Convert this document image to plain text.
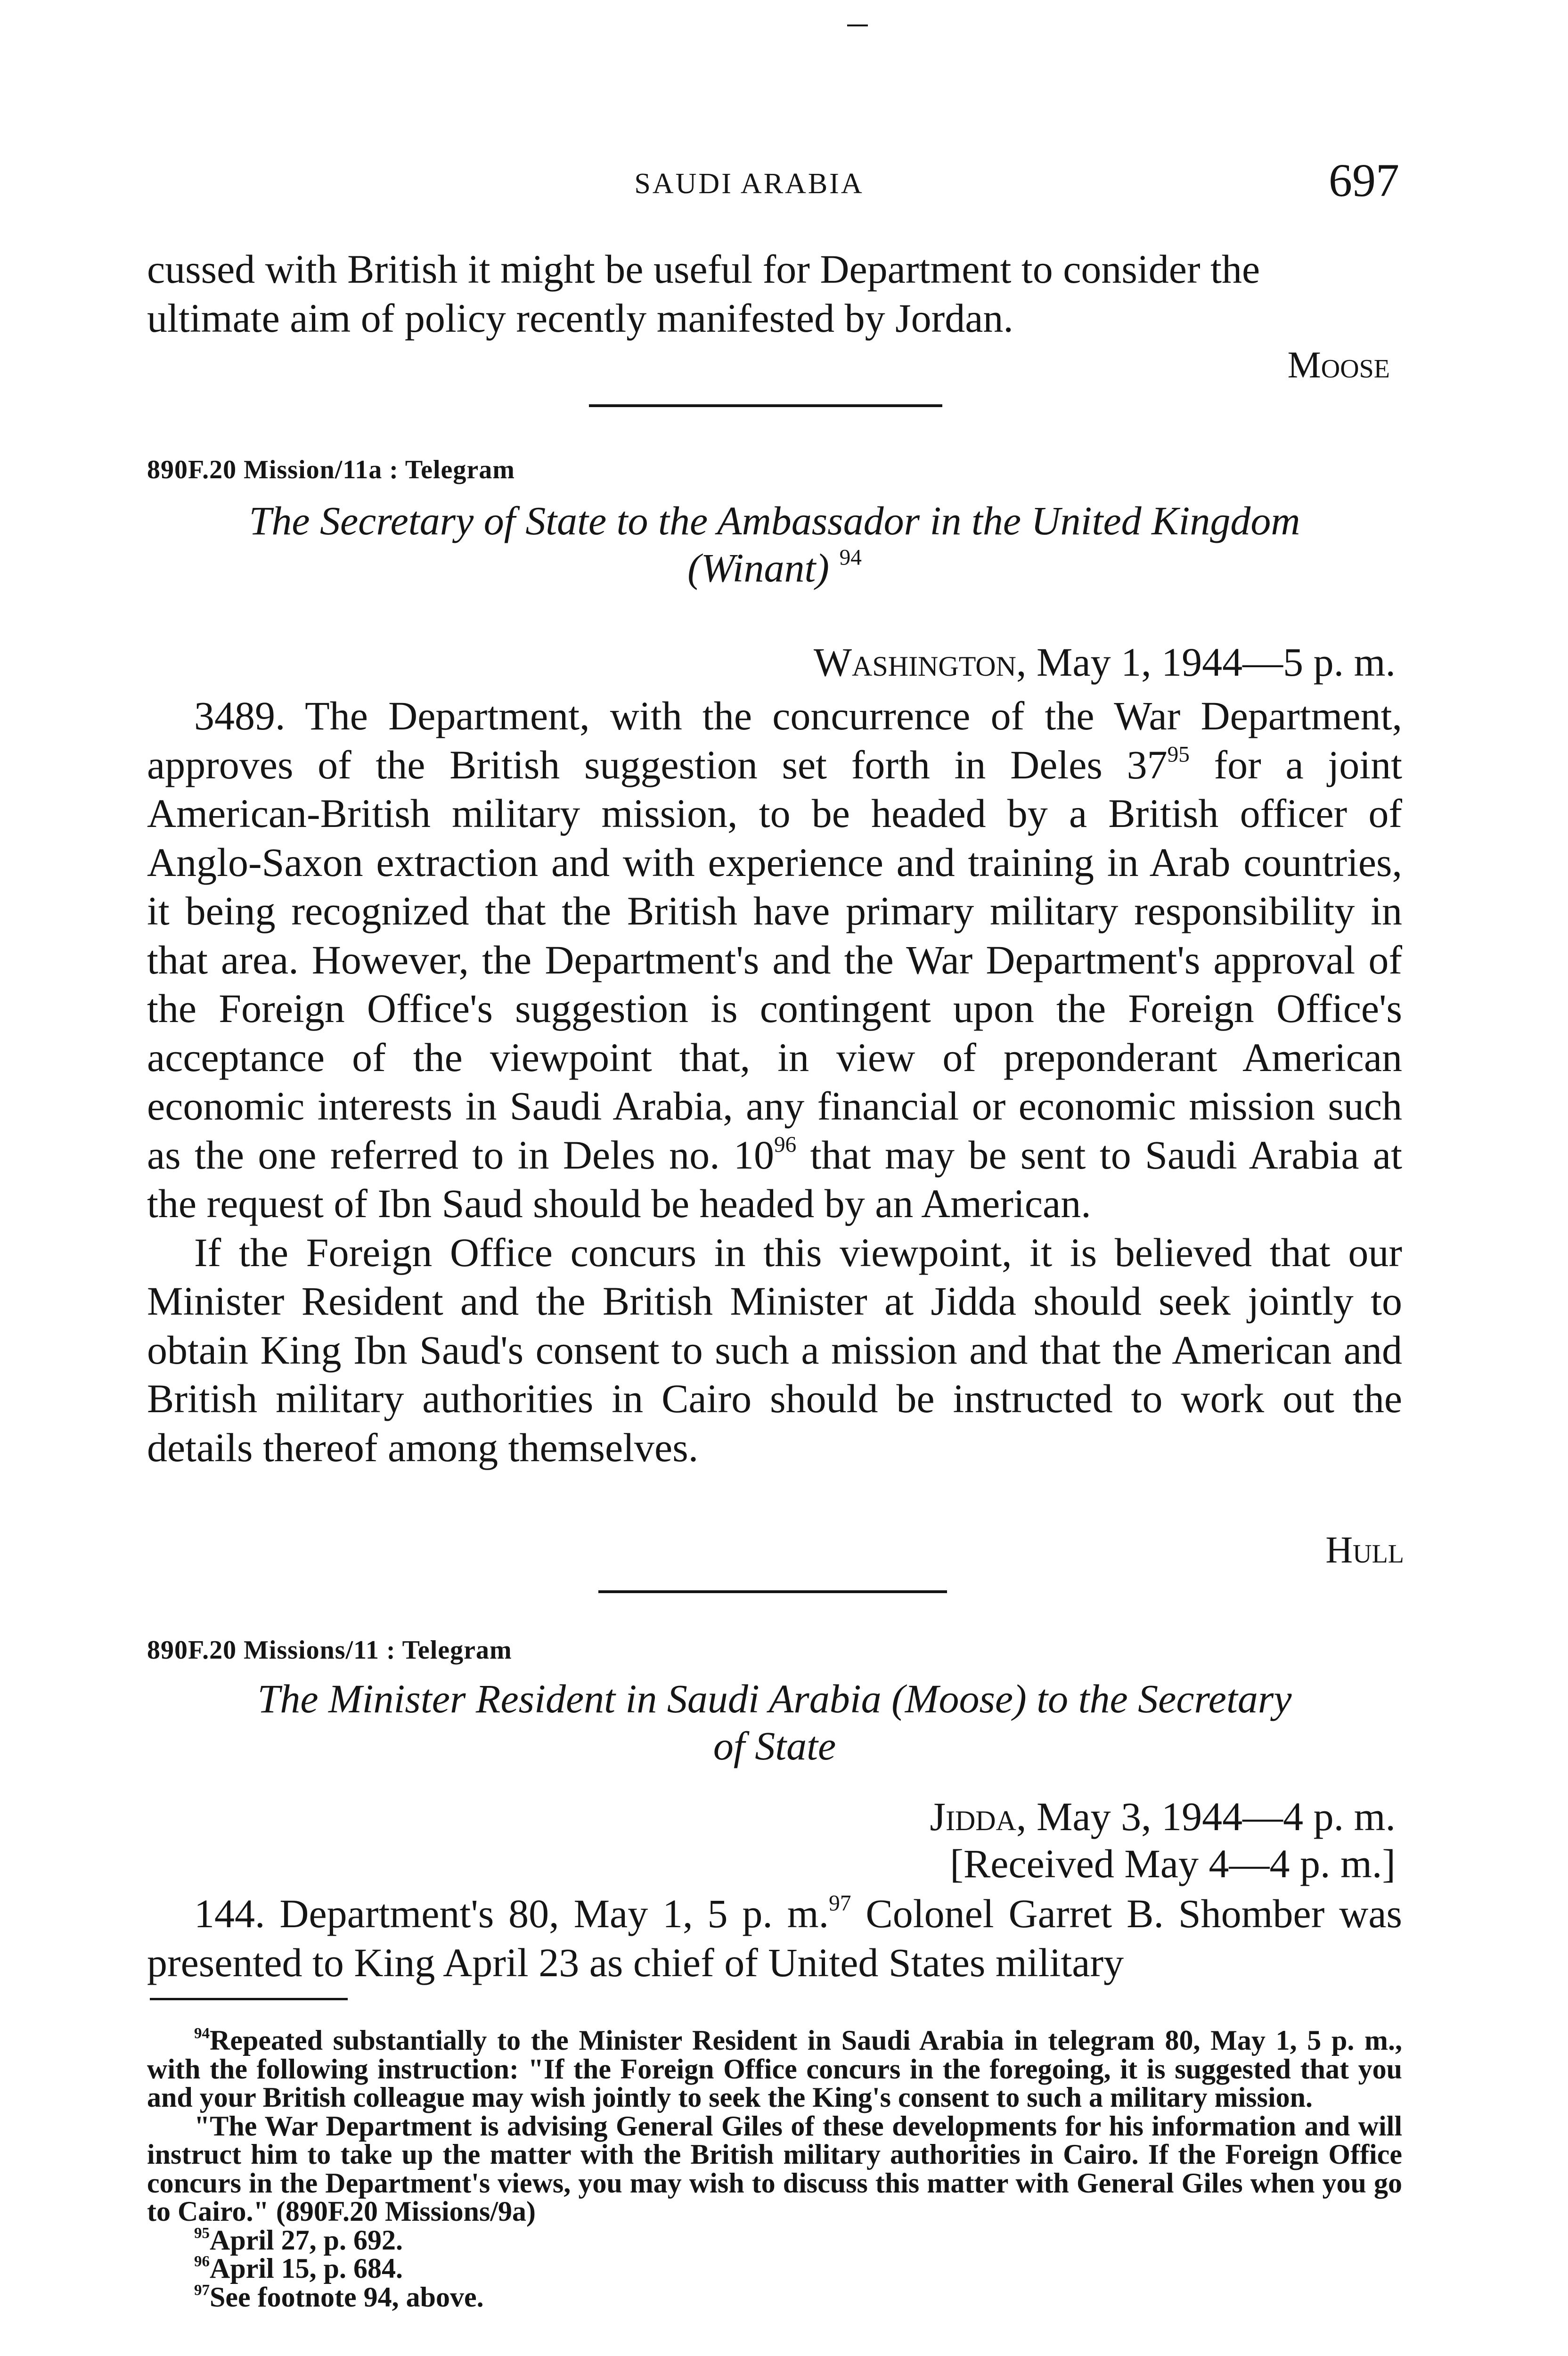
SAUDI ARABIA	697
cussed with British it might be useful for Department to consider the
ultimate aim of policy recently manifested by Jordan.
Moose
890F.20 Mission/11a : Telegram
The Secretary of State to the Ambassador in the United Kingdom
(Winant) $^{94}$
Washington, May 1, 1944—5 p. m.

3489. The Department, with the concurrence of the War Department, approves of the British suggestion set forth in Deles $37^{95}$ for a joint American-British military mission, to be headed by a British officer of Anglo-Saxon extraction and with experience and training in Arab countries, it being recognized that the British have primary military responsibility in that area. However, the Department's and the War Department's approval of the Foreign Office's suggestion is contingent upon the Foreign Office's acceptance of the viewpoint that, in view of preponderant American economic interests in Saudi Arabia, any financial or economic mission such as the one referred to in Deles no. $10^{96}$ that may be sent to Saudi Arabia at the request of Ibn Saud should be headed by an American.

If the Foreign Office concurs in this viewpoint, it is believed that our Minister Resident and the British Minister at Jidda should seek jointly to obtain King Ibn Saud's consent to such a mission and that the American and British military authorities in Cairo should be instructed to work out the details thereof among themselves.

Hull
890F.20 Missions/11 : Telegram
The Minister Resident in Saudi Arabia (Moose) to the Secretary
of State
Jidda, May 3, 1944—4 p. m.
[Received May 4—4 p. m.]

144. Department's 80, May 1, 5 p. m.$^{97}$ Colonel Garret B. Shomber was presented to King April 23 as chief of United States military

$^{94}$Repeated substantially to the Minister Resident in Saudi Arabia in telegram 80, May 1, 5 p. m., with the following instruction: "If the Foreign Office concurs in the foregoing, it is suggested that you and your British colleague may wish jointly to seek the King's consent to such a military mission.

"The War Department is advising General Giles of these developments for his information and will instruct him to take up the matter with the British military authorities in Cairo. If the Foreign Office concurs in the Department's views, you may wish to discuss this matter with General Giles when you go to Cairo." (890F.20 Missions/9a)

$^{95}$April 27, p. 692.

$^{96}$April 15, p. 684.

$^{97}$See footnote 94, above.
